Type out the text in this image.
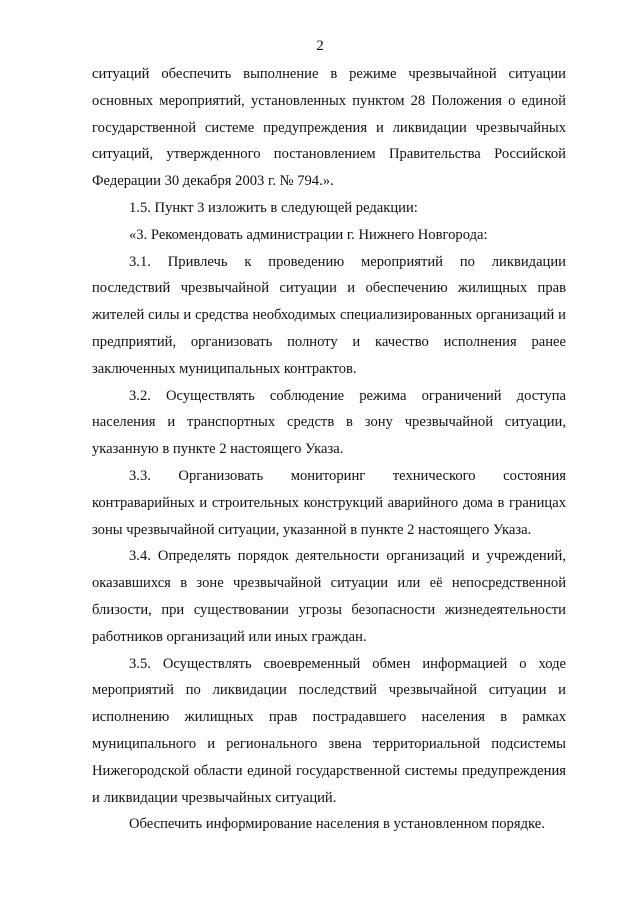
2

ситуаций обеспечить выполнение в режиме чрезвычайной ситуации основных мероприятий, установленных пунктом 28 Положения о единой государственной системе предупреждения и ликвидации чрезвычайных ситуаций, утвержденного постановлением Правительства Российской Федерации 30 декабря 2003 г. № 794.».

1.5. Пункт 3 изложить в следующей редакции:

«3. Рекомендовать администрации г. Нижнего Новгорода:

3.1. Привлечь к проведению мероприятий по ликвидации последствий чрезвычайной ситуации и обеспечению жилищных прав жителей силы и средства необходимых специализированных организаций и предприятий, организовать полноту и качество исполнения ранее заключенных муниципальных контрактов.

3.2. Осуществлять соблюдение режима ограничений доступа населения и транспортных средств в зону чрезвычайной ситуации, указанную в пункте 2 настоящего Указа.

3.3. Организовать мониторинг технического состояния контраварийных и строительных конструкций аварийного дома в границах зоны чрезвычайной ситуации, указанной в пункте 2 настоящего Указа.

3.4. Определять порядок деятельности организаций и учреждений, оказавшихся в зоне чрезвычайной ситуации или её непосредственной близости, при существовании угрозы безопасности жизнедеятельности работников организаций или иных граждан.

3.5. Осуществлять своевременный обмен информацией о ходе мероприятий по ликвидации последствий чрезвычайной ситуации и исполнению жилищных прав пострадавшего населения в рамках муниципального и регионального звена территориальной подсистемы Нижегородской области единой государственной системы предупреждения и ликвидации чрезвычайных ситуаций.

Обеспечить информирование населения в установленном порядке.
